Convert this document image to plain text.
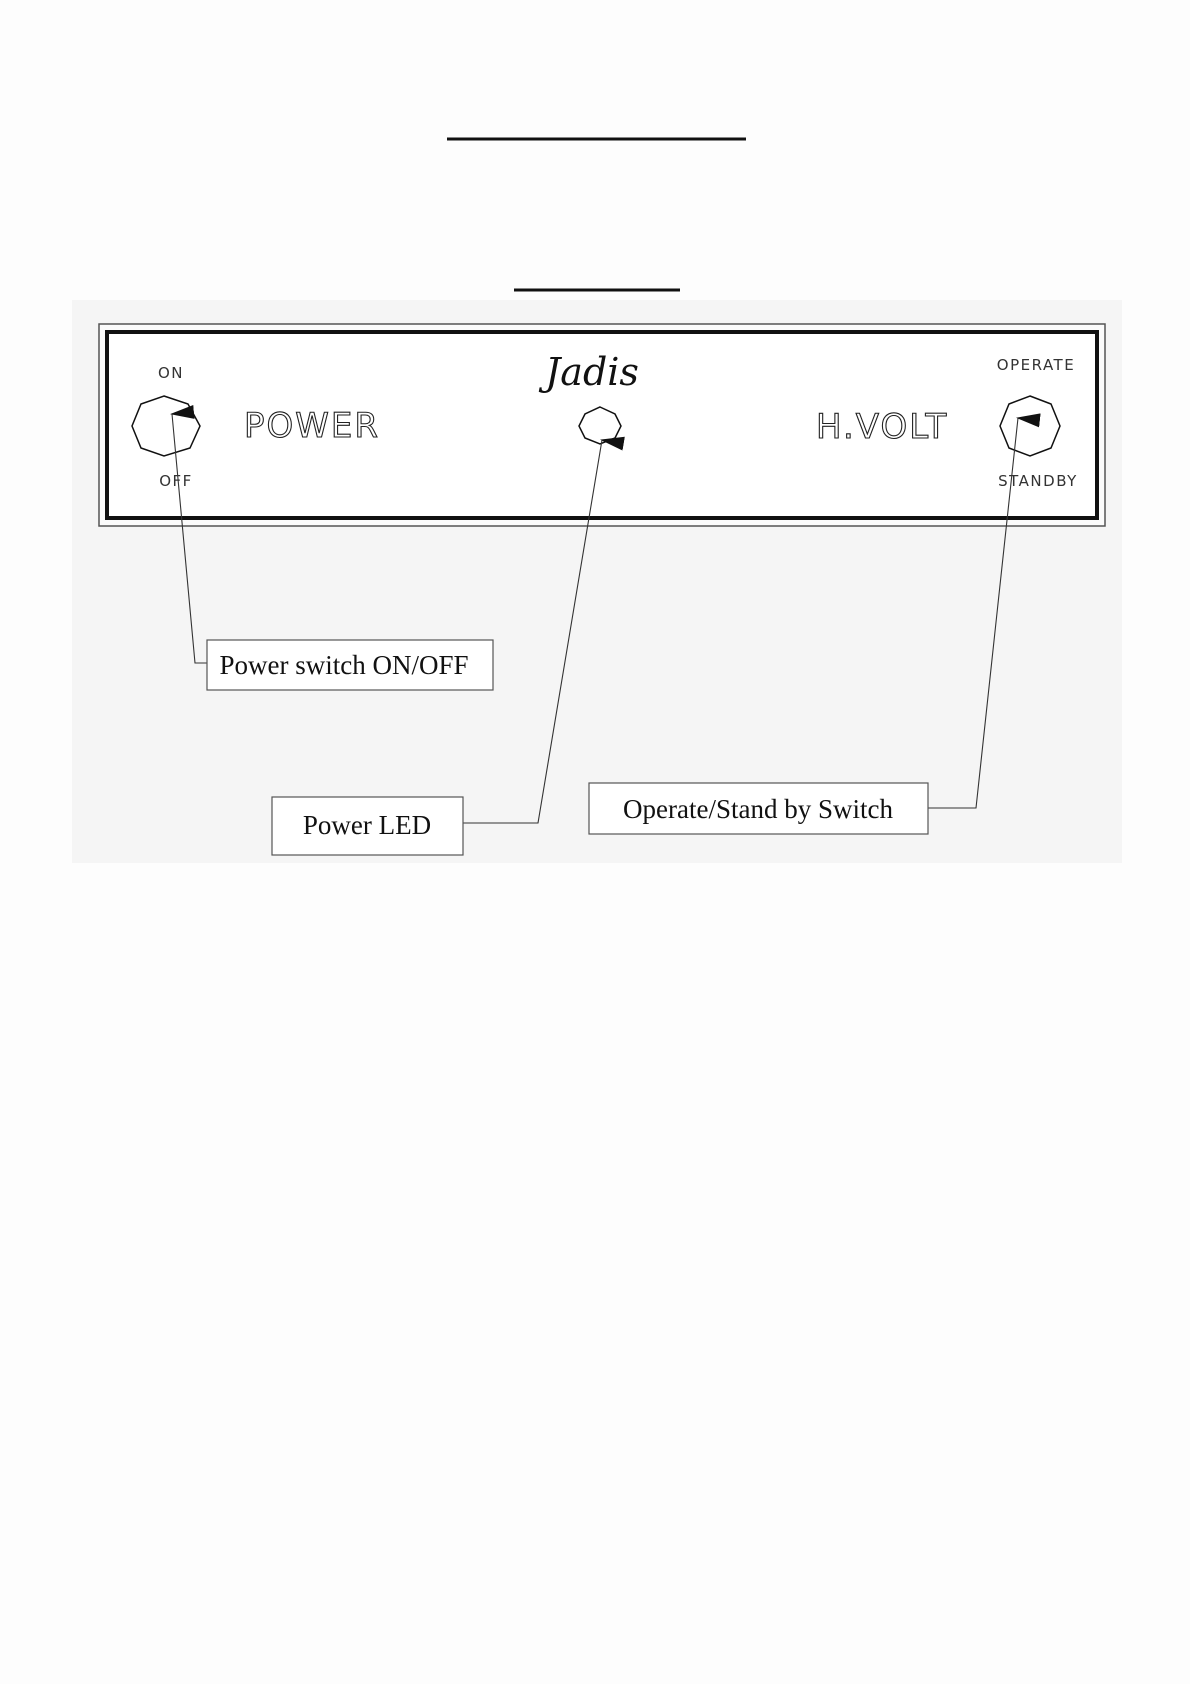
ON
OFF
POWER
Jadis
H.VOLT
OPERATE
STANDBY
Power switch ON/OFF
Power LED
Operate/Stand by Switch
